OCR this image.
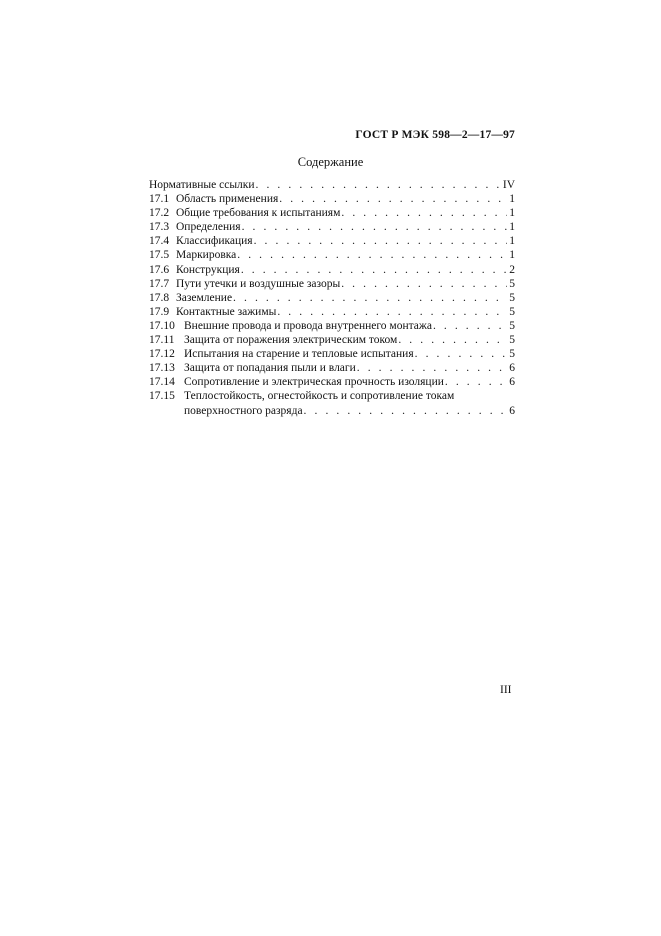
ГОСТ Р МЭК 598—2—17—97
Содержание
Нормативные ссылки . . .	IV
17.1 Область применения . . .	1
17.2 Общие требования к испытаниям . . .	1
17.3 Определения . . .	1
17.4 Классификация . . .	1
17.5 Маркировка . . .	1
17.6 Конструкция . . .	2
17.7 Пути утечки и воздушные зазоры . . .	5
17.8 Заземление . . .	5
17.9 Контактные зажимы . . .	5
17.10 Внешние провода и провода внутреннего монтажа . . .	5
17.11 Защита от поражения электрическим током . . .	5
17.12 Испытания на старение и тепловые испытания . . .	5
17.13 Защита от попадания пыли и влаги . . .	6
17.14 Сопротивление и электрическая прочность изоляции . . .	6
17.15 Теплостойкость, огнестойкость и сопротивление токам
поверхностного разряда . . .	6
III
